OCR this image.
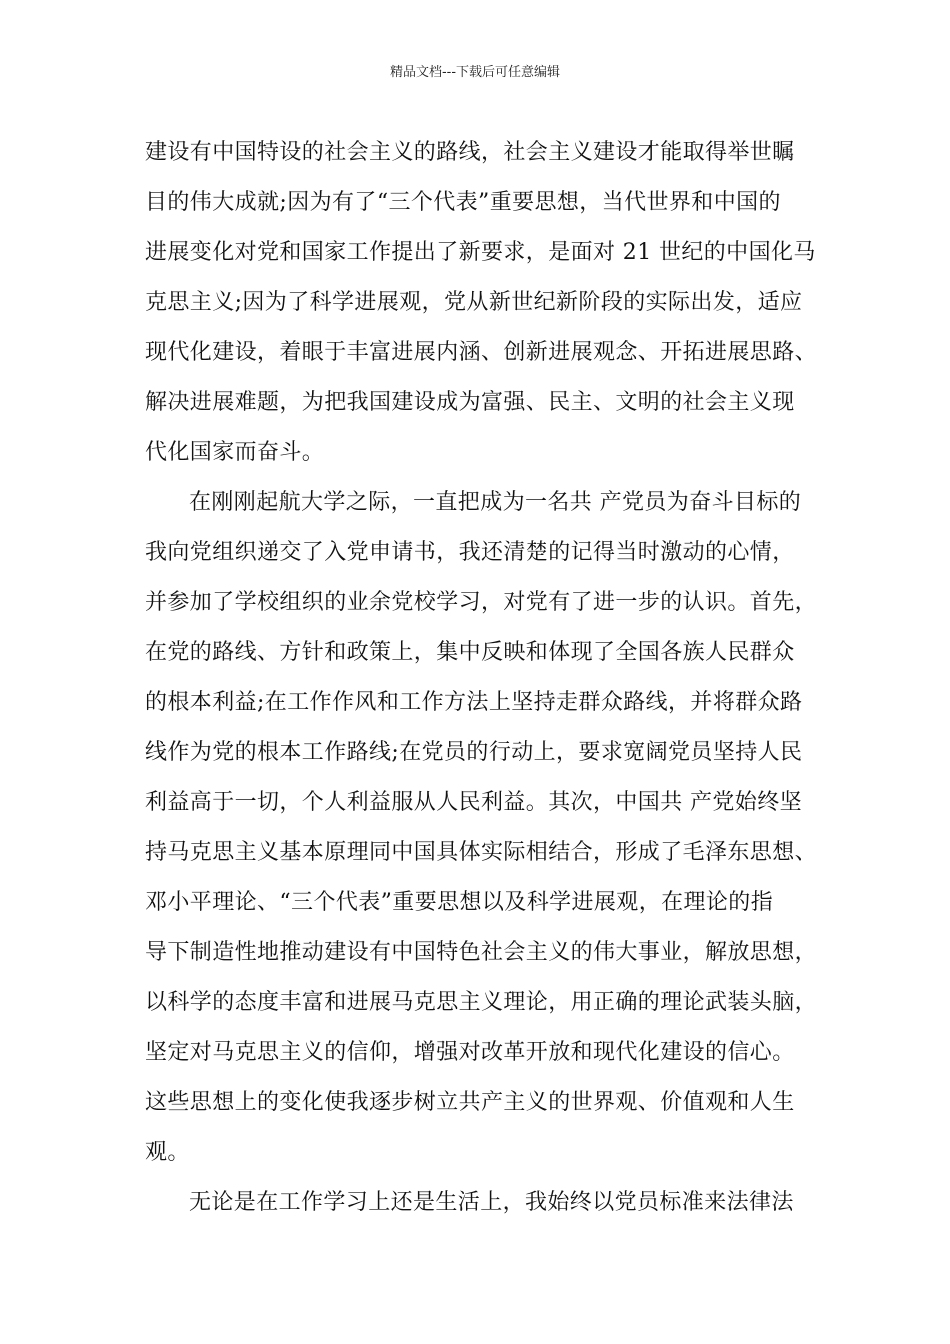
精品文档---下载后可任意编辑
建设有中国特设的社会主义的路线，社会主义建设才能取得举世瞩
目的伟大成就;因为有了“三个代表”重要思想，当代世界和中国的
进展变化对党和国家工作提出了新要求，是面对 21 世纪的中国化马
克思主义;因为了科学进展观，党从新世纪新阶段的实际出发，适应
现代化建设，着眼于丰富进展内涵、创新进展观念、开拓进展思路、
解决进展难题，为把我国建设成为富强、民主、文明的社会主义现
代化国家而奋斗。
在刚刚起航大学之际，一直把成为一名共 产党员为奋斗目标的
我向党组织递交了入党申请书，我还清楚的记得当时激动的心情，
并参加了学校组织的业余党校学习，对党有了进一步的认识。首先，
在党的路线、方针和政策上，集中反映和体现了全国各族人民群众
的根本利益;在工作作风和工作方法上坚持走群众路线，并将群众路
线作为党的根本工作路线;在党员的行动上，要求宽阔党员坚持人民
利益高于一切，个人利益服从人民利益。其次，中国共 产党始终坚
持马克思主义基本原理同中国具体实际相结合，形成了毛泽东思想、
邓小平理论、“三个代表”重要思想以及科学进展观，在理论的指
导下制造性地推动建设有中国特色社会主义的伟大事业，解放思想，
以科学的态度丰富和进展马克思主义理论，用正确的理论武装头脑，
坚定对马克思主义的信仰，增强对改革开放和现代化建设的信心。
这些思想上的变化使我逐步树立共产主义的世界观、价值观和人生
观。
无论是在工作学习上还是生活上，我始终以党员标准来法律法
